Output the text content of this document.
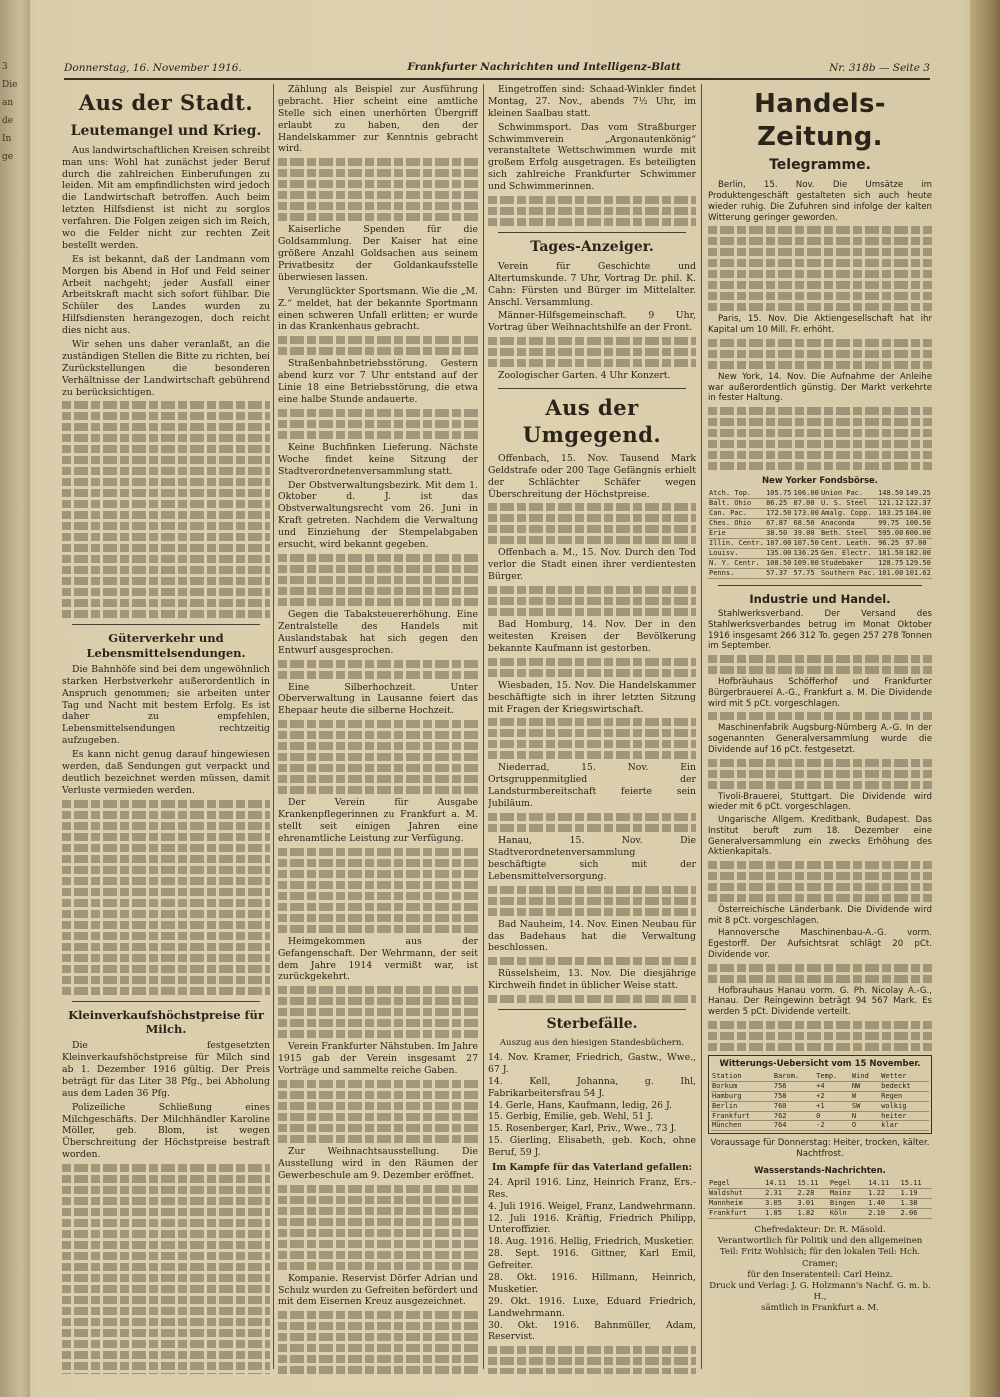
3
Die
an
de
In
ge
Donnerstag, 16. November 1916.	Frankfurter Nachrichten und Intelligenz-Blatt	Nr. 318b — Seite 3
Aus der Stadt.
Leutemangel und Krieg.

Aus landwirtschaftlichen Kreisen schreibt man uns: Wohl hat zunächst jeder Beruf durch die zahlreichen Einberufungen zu leiden. Mit am empfindlichsten wird jedoch die Landwirtschaft betroffen. Auch beim letzten Hilfsdienst ist nicht zu sorglos verfahren. Die Folgen zeigen sich im Reich, wo die Felder nicht zur rechten Zeit bestellt werden.

Es ist bekannt, daß der Landmann vom Morgen bis Abend in Hof und Feld seiner Arbeit nachgeht; jeder Ausfall einer Arbeitskraft macht sich sofort fühlbar. Die Schüler des Landes wurden zu Hilfsdiensten herangezogen, doch reicht dies nicht aus.

Wir sehen uns daher veranlaßt, an die zuständigen Stellen die Bitte zu richten, bei Zurückstellungen die besonderen Verhältnisse der Landwirtschaft gebührend zu berücksichtigen.

Güterverkehr und Lebensmittelsendungen.

Die Bahnhöfe sind bei dem ungewöhnlich starken Herbstverkehr außerordentlich in Anspruch genommen; sie arbeiten unter Tag und Nacht mit bestem Erfolg. Es ist daher zu empfehlen, Lebensmittelsendungen rechtzeitig aufzugeben.

Es kann nicht genug darauf hingewiesen werden, daß Sendungen gut verpackt und deutlich bezeichnet werden müssen, damit Verluste vermieden werden.

Kleinverkaufshöchstpreise für Milch.

Die festgesetzten Kleinverkaufshöchstpreise für Milch sind ab 1. Dezember 1916 gültig. Der Preis beträgt für das Liter 38 Pfg., bei Abholung aus dem Laden 36 Pfg.

Polizeiliche Schließung eines Milchgeschäfts. Der Milchhändler Karoline Möller, geb. Blom, ist wegen Überschreitung der Höchstpreise bestraft worden.

Zählung als Beispiel zur Ausführung gebracht. Hier scheint eine amtliche Stelle sich einen unerhörten Übergriff erlaubt zu haben, den der Handelskammer zur Kenntnis gebracht wird.

Kaiserliche Spenden für die Goldsammlung. Der Kaiser hat eine größere Anzahl Goldsachen aus seinem Privatbesitz der Goldankaufsstelle überwiesen lassen.

Verunglückter Sportsmann. Wie die „M. Z.“ meldet, hat der bekannte Sportmann einen schweren Unfall erlitten; er wurde in das Krankenhaus gebracht.

Straßenbahnbetriebsstörung. Gestern abend kurz vor 7 Uhr entstand auf der Linie 18 eine Betriebsstörung, die etwa eine halbe Stunde andauerte.

Keine Buchfinken Lieferung. Nächste Woche findet keine Sitzung der Stadtverordnetenversammlung statt.

Der Obstverwaltungsbezirk. Mit dem 1. Oktober d. J. ist das Obstverwaltungsrecht vom 26. Juni in Kraft getreten. Nachdem die Verwaltung und Einziehung der Stempelabgaben ersucht, wird bekannt gegeben.

Gegen die Tabaksteuererhöhung. Eine Zentralstelle des Handels mit Auslandstabak hat sich gegen den Entwurf ausgesprochen.

Eine Silberhochzeit. Unter Oberverwaltung in Lausanne feiert das Ehepaar heute die silberne Hochzeit.

Der Verein für Ausgabe Krankenpflegerinnen zu Frankfurt a. M. stellt seit einigen Jahren eine ehrenamtliche Leistung zur Verfügung.

Heimgekommen aus der Gefangenschaft. Der Wehrmann, der seit dem Jahre 1914 vermißt war, ist zurückgekehrt.

Verein Frankfurter Nähstuben. Im Jahre 1915 gab der Verein insgesamt 27 Vorträge und sammelte reiche Gaben.

Zur Weihnachtsausstellung. Die Ausstellung wird in den Räumen der Gewerbeschule am 9. Dezember eröffnet.

Kompanie. Reservist Dörfer Adrian und Schulz wurden zu Gefreiten befördert und mit dem Eisernen Kreuz ausgezeichnet.

Eingetroffen sind: Schaad-Winkler findet Montag, 27. Nov., abends 7½ Uhr, im kleinen Saalbau statt.

Schwimmsport. Das vom Straßburger Schwimmverein „Argonautenkönig“ veranstaltete Wettschwimmen wurde mit großem Erfolg ausgetragen. Es beteiligten sich zahlreiche Frankfurter Schwimmer und Schwimmerinnen.

Tages-Anzeiger.

Verein für Geschichte und Altertumskunde. 7 Uhr, Vortrag Dr. phil. K. Cahn: Fürsten und Bürger im Mittelalter. Anschl. Versammlung.

Männer-Hilfsgemeinschaft. 9 Uhr, Vortrag über Weihnachtshilfe an der Front.

Zoologischer Garten. 4 Uhr Konzert.

Aus der Umgegend.

Offenbach, 15. Nov. Tausend Mark Geldstrafe oder 200 Tage Gefängnis erhielt der Schlächter Schäfer wegen Überschreitung der Höchstpreise.

Offenbach a. M., 15. Nov. Durch den Tod verlor die Stadt einen ihrer verdientesten Bürger.

Bad Homburg, 14. Nov. Der in den weitesten Kreisen der Bevölkerung bekannte Kaufmann ist gestorben.

Wiesbaden, 15. Nov. Die Handelskammer beschäftigte sich in ihrer letzten Sitzung mit Fragen der Kriegswirtschaft.

Niederrad, 15. Nov. Ein Ortsgruppenmitglied der Landsturmbereitschaft feierte sein Jubiläum.

Hanau, 15. Nov. Die Stadtverordnetenversammlung beschäftigte sich mit der Lebensmittelversorgung.

Bad Nauheim, 14. Nov. Einen Neubau für das Badehaus hat die Verwaltung beschlossen.

Rüsselsheim, 13. Nov. Die diesjährige Kirchweih findet in üblicher Weise statt.

Sterbefälle.
Auszug aus den hiesigen Standesbüchern.
14. Nov. Kramer, Friedrich, Gastw., Wwe., 67 J.
14. Kell, Johanna, g. Ihl, Fabrikarbeitersfrau 54 J.
14. Gerle, Hans, Kaufmann, ledig, 26 J.
15. Gerbig, Emilie, geb. Wehl, 51 J.
15. Rosenberger, Karl, Priv., Wwe., 73 J.
15. Gierling, Elisabeth, geb. Koch, ohne Beruf, 59 J.
Im Kampfe für das Vaterland gefallen:
24. April 1916. Linz, Heinrich Franz, Ers.-Res.
4. Juli 1916. Weigel, Franz, Landwehrmann.
12. Juli 1916. Kräftig, Friedrich Philipp, Unteroffizier.
18. Aug. 1916. Hellig, Friedrich, Musketier.
28. Sept. 1916. Gittner, Karl Emil, Gefreiter.
28. Okt. 1916. Hillmann, Heinrich, Musketier.
29. Okt. 1916. Luxe, Eduard Friedrich, Landwehrmann.
30. Okt. 1916. Bahnmüller, Adam, Reservist.
Handels-Zeitung.
Telegramme.

Berlin, 15. Nov. Die Umsätze im Produktengeschäft gestalteten sich auch heute wieder ruhig. Die Zufuhren sind infolge der kalten Witterung geringer geworden.

Paris, 15. Nov. Die Aktiengesellschaft hat ihr Kapital um 10 Mill. Fr. erhöht.

New York, 14. Nov. Die Aufnahme der Anleihe war außerordentlich günstig. Der Markt verkehrte in fester Haltung.

New Yorker Fondsbörse.
Atch. Top.	105.75	106.00	Union Pac.	148.50	149.25
Balt. Ohio	86.25	87.00	U. S. Steel	121.12	122.37
Can. Pac.	172.50	173.00	Amalg. Copp.	103.25	104.00
Ches. Ohio	67.87	68.50	Anaconda	99.75	100.50
Erie	38.50	39.00	Beth. Steel	595.00	600.00
Illin. Centr.	107.00	107.50	Cent. Leath.	96.25	97.00
Louisv.	135.00	136.25	Gen. Electr.	181.50	182.00
N. Y. Centr.	108.50	109.00	Studebaker	128.75	129.50
Penns.	57.37	57.75	Southern Pac.	101.00	101.62
Industrie und Handel.

Stahlwerksverband. Der Versand des Stahlwerksverbandes betrug im Monat Oktober 1916 insgesamt 266 312 To. gegen 257 278 Tonnen im September.

Hofbräuhaus Schöfferhof und Frankfurter Bürgerbrauerei A.-G., Frankfurt a. M. Die Dividende wird mit 5 pCt. vorgeschlagen.

Maschinenfabrik Augsburg-Nürnberg A.-G. In der sogenannten Generalversammlung wurde die Dividende auf 16 pCt. festgesetzt.

Tivoli-Brauerei, Stuttgart. Die Dividende wird wieder mit 6 pCt. vorgeschlagen.

Ungarische Allgem. Kreditbank, Budapest. Das Institut beruft zum 18. Dezember eine Generalversammlung ein zwecks Erhöhung des Aktienkapitals.

Österreichische Länderbank. Die Dividende wird mit 8 pCt. vorgeschlagen.

Hannoversche Maschinenbau-A.-G. vorm. Egestorff. Der Aufsichtsrat schlägt 20 pCt. Dividende vor.

Hofbrauhaus Hanau vorm. G. Ph. Nicolay A.-G., Hanau. Der Reingewinn beträgt 94 567 Mark. Es werden 5 pCt. Dividende verteilt.

Witterungs-Uebersicht vom 15 November.
Station	Barom.	Temp.	Wind	Wetter
Borkum	756	+4	NW	bedeckt
Hamburg	758	+2	W	Regen
Berlin	760	+1	SW	wolkig
Frankfurt	762	0	N	heiter
München	764	-2	O	klar
Voraussage für Donnerstag: Heiter, trocken, kälter. Nachtfrost.
Wasserstands-Nachrichten.
Pegel	14.11	15.11	Pegel	14.11	15.11
Waldshut	2.31	2.28	Mainz	1.22	1.19
Mannheim	3.05	3.01	Bingen	1.40	1.38
Frankfurt	1.85	1.82	Köln	2.10	2.06
Chefredakteur: Dr. R. Mäsold.
Verantwortlich für Politik und den allgemeinen Teil: Fritz Wohlsich; für den lokalen Teil: Hch. Cramer;
für den Inseratenteil: Carl Heinz.
Druck und Verlag: J. G. Holzmann's Nachf. G. m. b. H.,
sämtlich in Frankfurt a. M.
